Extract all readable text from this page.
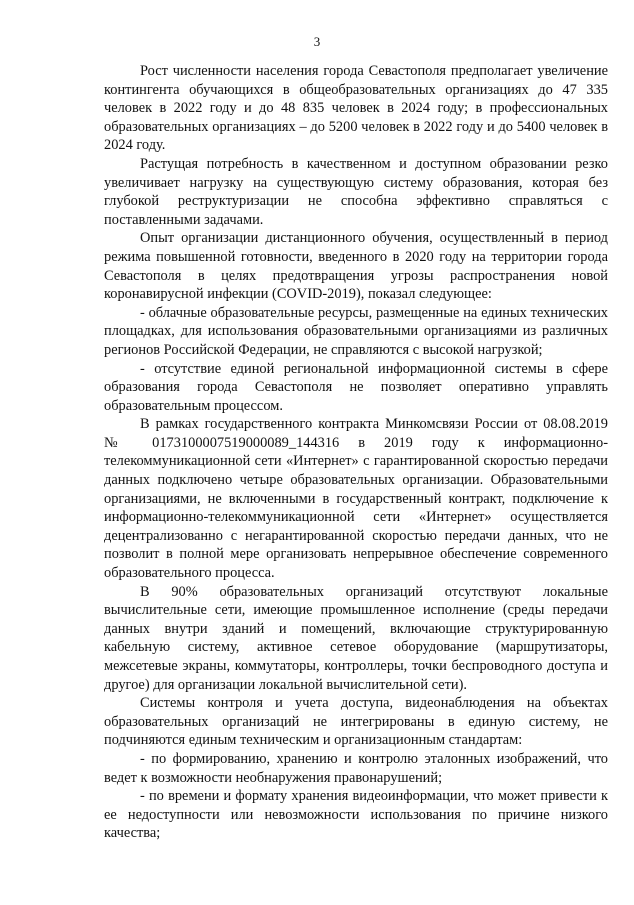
3

Рост численности населения города Севастополя предполагает увеличение контингента обучающихся в общеобразовательных организациях до 47 335 человек в 2022 году и до 48 835 человек в 2024 году; в профессиональных образовательных организациях – до 5200 человек в 2022 году и до 5400 человек в 2024 году.

Растущая потребность в качественном и доступном образовании резко увеличивает нагрузку на существующую систему образования, которая без глубокой реструктуризации не способна эффективно справляться с поставленными задачами.

Опыт организации дистанционного обучения, осуществленный в период режима повышенной готовности, введенного в 2020 году на территории города Севастополя в целях предотвращения угрозы распространения новой коронавирусной инфекции (COVID-2019), показал следующее:

- облачные образовательные ресурсы, размещенные на единых технических площадках, для использования образовательными организациями из различных регионов Российской Федерации, не справляются с высокой нагрузкой;

- отсутствие единой региональной информационной системы в сфере образования города Севастополя не позволяет оперативно управлять образовательным процессом.

В рамках государственного контракта Минкомсвязи России от 08.08.2019 № 0173100007519000089_144316 в 2019 году к информационно-телекоммуникационной сети «Интернет» с гарантированной скоростью передачи данных подключено четыре образовательных организации. Образовательными организациями, не включенными в государственный контракт, подключение к информационно-телекоммуникационной сети «Интернет» осуществляется децентрализованно с негарантированной скоростью передачи данных, что не позволит в полной мере организовать непрерывное обеспечение современного образовательного процесса.

В 90% образовательных организаций отсутствуют локальные вычислительные сети, имеющие промышленное исполнение (среды передачи данных внутри зданий и помещений, включающие структурированную кабельную систему, активное сетевое оборудование (маршрутизаторы, межсетевые экраны, коммутаторы, контроллеры, точки беспроводного доступа и другое) для организации локальной вычислительной сети).

Системы контроля и учета доступа, видеонаблюдения на объектах образовательных организаций не интегрированы в единую систему, не подчиняются единым техническим и организационным стандартам:

- по формированию, хранению и контролю эталонных изображений, что ведет к возможности необнаружения правонарушений;

- по времени и формату хранения видеоинформации, что может привести к ее недоступности или невозможности использования по причине низкого качества;
